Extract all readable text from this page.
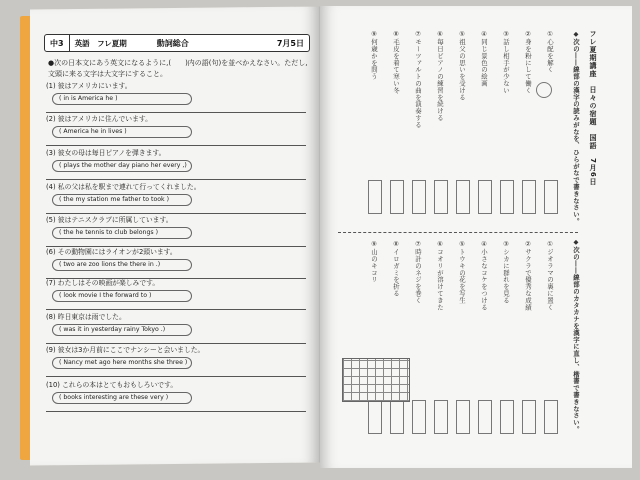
中3	英語　フレ夏期	動詞総合	7月5日
●次の日本文にあう英文になるように,(　　)内の語(句)を並べかえなさい。ただし,文頭に来る文字は大文字にすること。
(1) 彼はアメリカにいます。
( in is America he )
(2) 彼はアメリカに住んでいます。
( America he in lives )
(3) 彼女の母は毎日ピアノを弾きます。
( plays the mother day piano her every ,)
(4) 私の父は私を駅まで連れて行ってくれました。
( the my station me father to took )
(5) 彼はテニスクラブに所属しています。
( the he tennis to club belongs )
(6) その動物園にはライオンが2頭います。
( two are zoo lions the there in .)
(7) わたしはその映画が楽しみです。
( look movie I the forward to )
(8) 昨日東京は雨でした。
( was it in yesterday rainy Tokyo .)
(9) 彼女は3か月前にここでナンシーと会いました。
( Nancy met ago here months she three )
(10) これらの本はとてもおもしろいです。
( books interesting are these very )
フレ夏期講座　日々の宿題　国語　7月6日
◆次の――線部の漢字の読みがなを、ひらがなで書きなさい。
①心配を解く
②身を粉にして働く
③話し相手が少ない
④同じ景色の絵画
⑤祖父の思いを受ける
⑥毎日ピアノの練習を続ける
⑦モーツァルトの曲を演奏する
⑧毛皮を着て寒い冬
⑨何歳かを問う
◆次の――線部のカタカナを漢字に直し、楷書で書きなさい。
①ジオラマの裏に置く
②サクラで優秀な成績
③シカに群れを見る
④小さなコケをつける
⑤トウキの花を写生
⑥コオリが溶けてきた
⑦時計のネジを巻く
⑧イロガミを折る
⑨山のキコリ
